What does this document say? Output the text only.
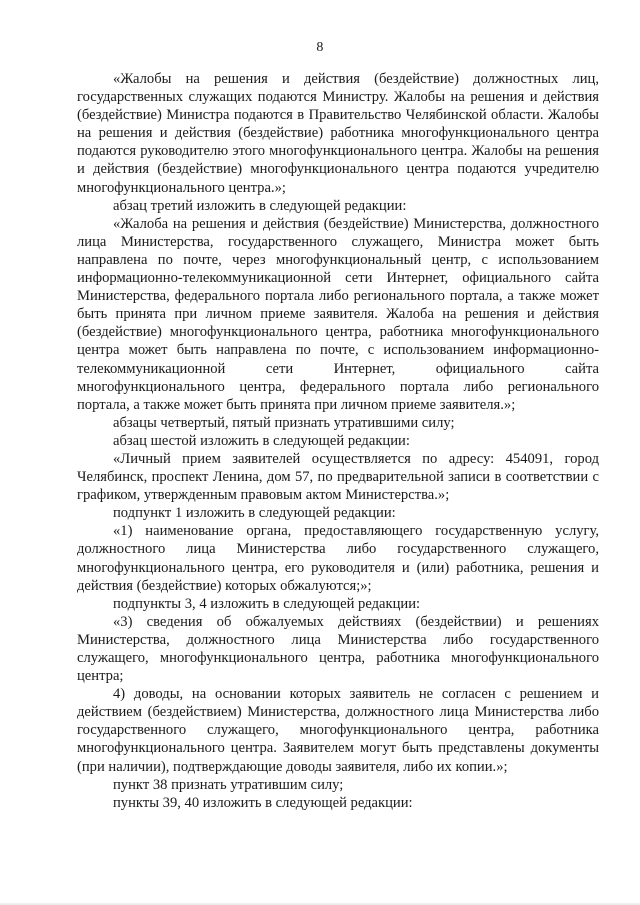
8

«Жалобы на решения и действия (бездействие) должностных лиц, государственных служащих подаются Министру. Жалобы на решения и действия (бездействие) Министра подаются в Правительство Челябинской области. Жалобы на решения и действия (бездействие) работника многофункционального центра подаются руководителю этого многофункционального центра. Жалобы на решения и действия (бездействие) многофункционального центра подаются учредителю многофункционального центра.»;

абзац третий изложить в следующей редакции:

«Жалоба на решения и действия (бездействие) Министерства, должностного лица Министерства, государственного служащего, Министра может быть направлена по почте, через многофункциональный центр, с использованием информационно-телекоммуникационной сети Интернет, официального сайта Министерства, федерального портала либо регионального портала, а также может быть принята при личном приеме заявителя. Жалоба на решения и действия (бездействие) многофункционального центра, работника многофункционального центра может быть направлена по почте, с использованием информационно-телекоммуникационной сети Интернет, официального сайта многофункционального центра, федерального портала либо регионального портала, а также может быть принята при личном приеме заявителя.»;

абзацы четвертый, пятый признать утратившими силу;

абзац шестой изложить в следующей редакции:

«Личный прием заявителей осуществляется по адресу: 454091, город Челябинск, проспект Ленина, дом 57, по предварительной записи в соответствии с графиком, утвержденным правовым актом Министерства.»;

подпункт 1 изложить в следующей редакции:

«1) наименование органа, предоставляющего государственную услугу, должностного лица Министерства либо государственного служащего, многофункционального центра, его руководителя и (или) работника, решения и действия (бездействие) которых обжалуются;»;

подпункты 3, 4 изложить в следующей редакции:

«3) сведения об обжалуемых действиях (бездействии) и решениях Министерства, должностного лица Министерства либо государственного служащего, многофункционального центра, работника многофункционального центра;

4) доводы, на основании которых заявитель не согласен с решением и действием (бездействием) Министерства, должностного лица Министерства либо государственного служащего, многофункционального центра, работника многофункционального центра. Заявителем могут быть представлены документы (при наличии), подтверждающие доводы заявителя, либо их копии.»;

пункт 38 признать утратившим силу;

пункты 39, 40 изложить в следующей редакции:
